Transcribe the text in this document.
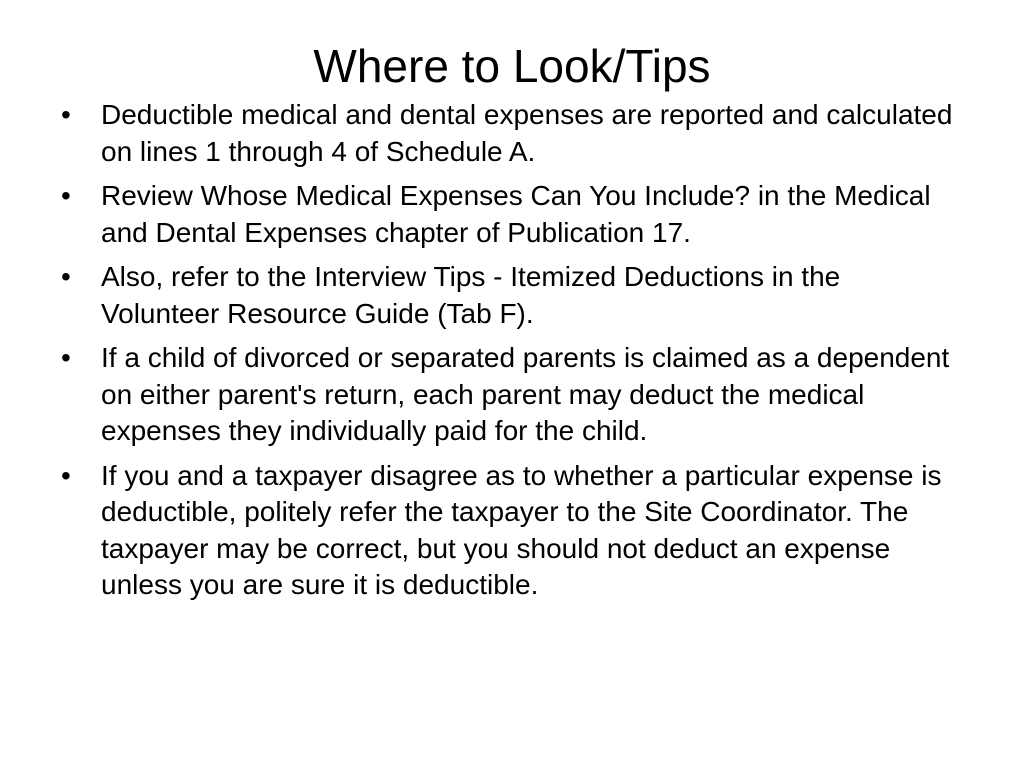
Where to Look/Tips
• Deductible medical and dental expenses are reported and calculated on lines 1 through 4 of Schedule A.
• Review Whose Medical Expenses Can You Include? in the Medical and Dental Expenses chapter of Publication 17.
• Also, refer to the Interview Tips - Itemized Deductions in the Volunteer Resource Guide (Tab F).
• If a child of divorced or separated parents is claimed as a dependent on either parent's return, each parent may deduct the medical expenses they individually paid for the child.
• If you and a taxpayer disagree as to whether a particular expense is deductible, politely refer the taxpayer to the Site Coordinator. The taxpayer may be correct, but you should not deduct an expense unless you are sure it is deductible.
